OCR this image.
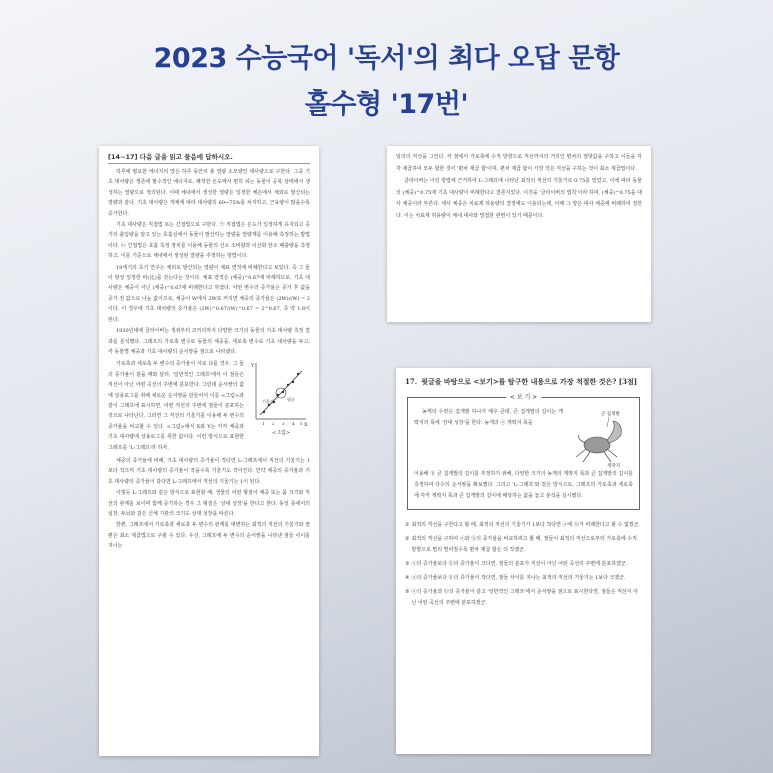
2023 수능국어 '독서'의 최다 오답 문항
홀수형 '17번'
[14~17] 다음 글을 읽고 물음에 답하시오.

하루에 필요한 에너지의 양은 하루 동안의 총 열량 소모량인 대사량으로 구한다. 그중 기초 대사량은 생존에 필수적인 에너지로, 쾌적한 온도에서 편히 쉬는 동물이 공복 상태에서 생성하는 열량으로 정의된다. 이때 체내에서 생성한 열량은 일정한 체온에서 체외로 발산되는 열량과 같다. 기초 대사량은 개체에 따라 대사량의 60~75%를 차지하고, 근육량이 많을수록 증가한다.

기초 대사량은 직접법 또는 간접법으로 구한다. ㉠ 직접법은 온도가 일정하게 유지되고 공기의 출입량을 알고 있는 호흡실에서 동물이 발산하는 열량을 열량계를 이용해 측정하는 방법이다. ㉡ 간접법은 호흡 측정 장치를 이용해 동물의 산소 소비량과 이산화 탄소 배출량을 측정하고, 이를 기준으로 체내에서 생성된 열량을 추정하는 방법이다.

19세기의 초기 연구는 체외로 발산되는 열량이 체표 면적에 비례한다고 보았다. 즉 그 둘이 항상 일정한 비(比)를 갖는다는 것이다. 체표 면적은 (체중)^0.67에 비례하므로, 기초 대사량은 체중이 아닌 (체중)^0.67에 비례한다고 하였다. 어떤 변수의 증가율은 증가 후 값을 증가 전 값으로 나눈 값이므로, 체중이 W에서 2W로 커지면 체중의 증가율은 (2W)/(W) = 2이다. 이 경우에 기초 대사량의 증가율은 (2W)^0.67/(W)^0.67 = 2^0.67, 즉 약 1.6이 된다.

1930년대에 클라이버는 생쥐부터 코끼리까지 다양한 크기의 동물의 기초 대사량 측정 결과를 분석했다. 그래프의 가로축 변수로 동물의 체중을, 세로축 변수로 기초 대사량을 두고, 각 동물별 체중과 기초 대사량의 순서쌍을 점으로 나타냈다.

가로축과 세로축 두 변수의 증가율이 서로 다를 경우, 그 둘의 증가율이 같을 때와 달리, '일반적인 그래프'에서 이 점들은 직선이 아닌 어떤 곡선의 주변에 분포한다. 그런데 순서쌍의 값에 상용로그를 취해 새로운 순서쌍을 만들어서 이를 <그림>과 같이 그래프에 표시하면, 어떤 직선의 주변에 점들이 분포하는 것으로 나타난다. 그러면 그 직선의 기울기를 이용해 두 변수의 증가율을 비교할 수 있다. <그림>에서 X와 Y는 각각 체중과 기초 대사량에 상용로그를 취한 값이다. 이런 방식으로 표현한 그래프를 'L-그래프'라 하자.

Y
X
평균
기울기
1 2 3 4 5
<그림>

체중의 증가율에 비해, 기초 대사량의 증가율이 작다면 L-그래프에서 직선의 기울기는 1보다 작으며 기초 대사량의 증가율이 작을수록 기울기도 작아진다. 만약 체중의 증가율과 기초 대사량의 증가율이 같다면 L-그래프에서 직선의 기울기는 1이 된다.

이렇듯 L-그래프와 같은 방식으로 표현할 때, 생물의 어떤 형질이 체중 또는 몸 크기와 직선의 관계를 보이며 함께 증가하는 경우 그 형질은 '상대 성장'을 한다고 한다. 동일 종에서의 심장, 두뇌와 같은 신체 기관의 크기도 상대 성장을 따른다.

한편, 그래프에서 가로축과 세로축 두 변수의 관계를 대변하는 최적의 직선의 기울기와 절편은 최소 제곱법으로 구할 수 있다. 우선, 그래프에 두 변수의 순서쌍을 나타낸 점들 사이를 지나는

임의의 직선을 그린다. 각 점에서 가로축에 수직 방향으로 직선까지의 거리인 편차의 절댓값을 구하고 이들을 각각 제곱하여 모두 합한 것이 '편차 제곱 합'이며, 편차 제곱 합이 가장 작은 직선을 구하는 것이 최소 제곱법이다.

클라이버는 이런 방법에 근거하여 L-그래프에 나타난 최적의 직선의 기울기로 0.75를 얻었고, 이에 따라 동물의 (체중)^0.75에 기초 대사량이 비례한다고 결론지었다. 이것을 '클라이버의 법칙'이라 하며, (체중)^0.75을 대사 체중이라 부른다. 대사 체중은 치료제 허용량의 결정에도 이용되는데, 이때 그 양은 대사 체중에 비례하여 정한다. 이는 치료제 허용량이 체내 대사와 밀접한 관련이 있기 때문이다.

17. 윗글을 바탕으로 <보기>를 탐구한 내용으로 가장 적절한 것은? [3점]
< 보 기 >

농게의 수컷은 집게발 하나가 매우 큰데, 큰 집게발의 길이는 게딱지의 폭에 '상대 성장'을 한다. 농게의 ⓐ 게딱지 폭을

큰 집게발
게딱지

이용해 ⓑ 큰 집게발의 길이를 추정하기 위해, 다양한 크기의 농게의 게딱지 폭과 큰 집게발의 길이를 측정하여 다수의 순서쌍을 확보했다. 그리고 'L-그래프'와 같은 방식으로, 그래프의 가로축과 세로축에 각각 게딱지 폭과 큰 집게발의 길이에 해당하는 값을 놓고 분석을 실시했다.

① 최적의 직선을 구한다고 할 때, 최적의 직선의 기울기가 1보다 작다면 ⓐ에 ⓑ가 비례한다고 할 수 없겠군.
② 최적의 직선을 구하여 ⓐ와 ⓑ의 증가율을 비교하려고 할 때, 점들이 최적의 직선으로부터 가로축에 수직 방향으로 멀리 떨어질수록 편차 제곱 합은 더 작겠군.
③ ⓐ의 증가율보다 ⓑ의 증가율이 크다면, 점들의 분포가 직선이 아닌 어떤 곡선의 주변에 분포하겠군.
④ ⓐ의 증가율보다 ⓑ의 증가율이 작다면, 점들 사이를 지나는 최적의 직선의 기울기는 1보다 크겠군.
⑤ ⓐ의 증가율과 ⓑ의 증가율이 같고 '일반적인 그래프'에서 순서쌍을 점으로 표시한다면, 점들은 직선이 아닌 어떤 곡선의 주변에 분포하겠군.
